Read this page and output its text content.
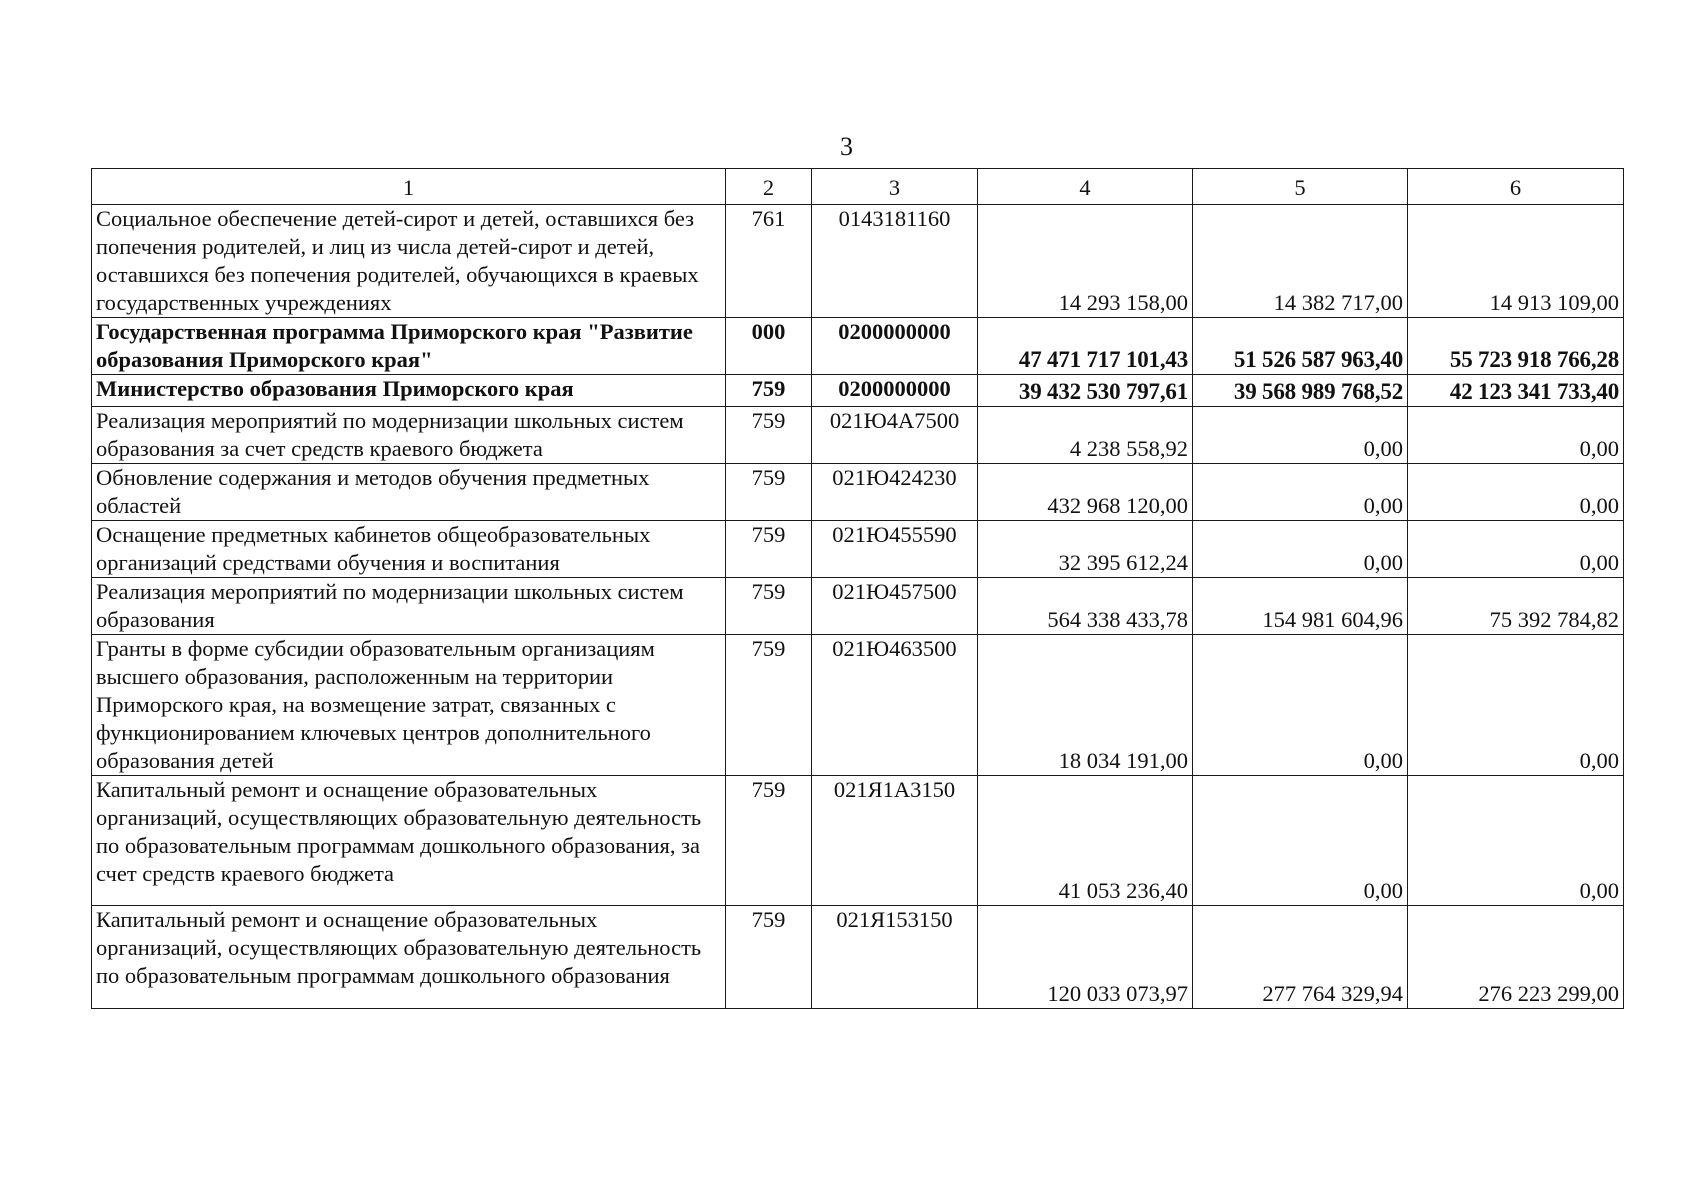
3
1	2	3	4	5	6
Социальное обеспечение детей-сирот и детей, оставшихся без попечения родителей, и лиц из числа детей-сирот и детей, оставшихся без попечения родителей, обучающихся в краевых государственных учреждениях	761	0143181160	14 293 158,00	14 382 717,00	14 913 109,00
Государственная программа Приморского края "Развитие образования Приморского края"	000	0200000000	47 471 717 101,43	51 526 587 963,40	55 723 918 766,28
Министерство образования Приморского края	759	0200000000	39 432 530 797,61	39 568 989 768,52	42 123 341 733,40
Реализация мероприятий по модернизации школьных систем образования за счет средств краевого бюджета	759	021Ю4А7500	4 238 558,92	0,00	0,00
Обновление содержания и методов обучения предметных областей	759	021Ю424230	432 968 120,00	0,00	0,00
Оснащение предметных кабинетов общеобразовательных организаций средствами обучения и воспитания	759	021Ю455590	32 395 612,24	0,00	0,00
Реализация мероприятий по модернизации школьных систем образования	759	021Ю457500	564 338 433,78	154 981 604,96	75 392 784,82
Гранты в форме субсидии образовательным организациям высшего образования, расположенным на территории Приморского края, на возмещение затрат, связанных с функционированием ключевых центров дополнительного образования детей	759	021Ю463500	18 034 191,00	0,00	0,00
Капитальный ремонт и оснащение образовательных организаций, осуществляющих образовательную деятельность по образовательным программам дошкольного образования, за счет средств краевого бюджета	759	021Я1А3150	41 053 236,40	0,00	0,00
Капитальный ремонт и оснащение образовательных организаций, осуществляющих образовательную деятельность по образовательным программам дошкольного образования	759	021Я153150	120 033 073,97	277 764 329,94	276 223 299,00
